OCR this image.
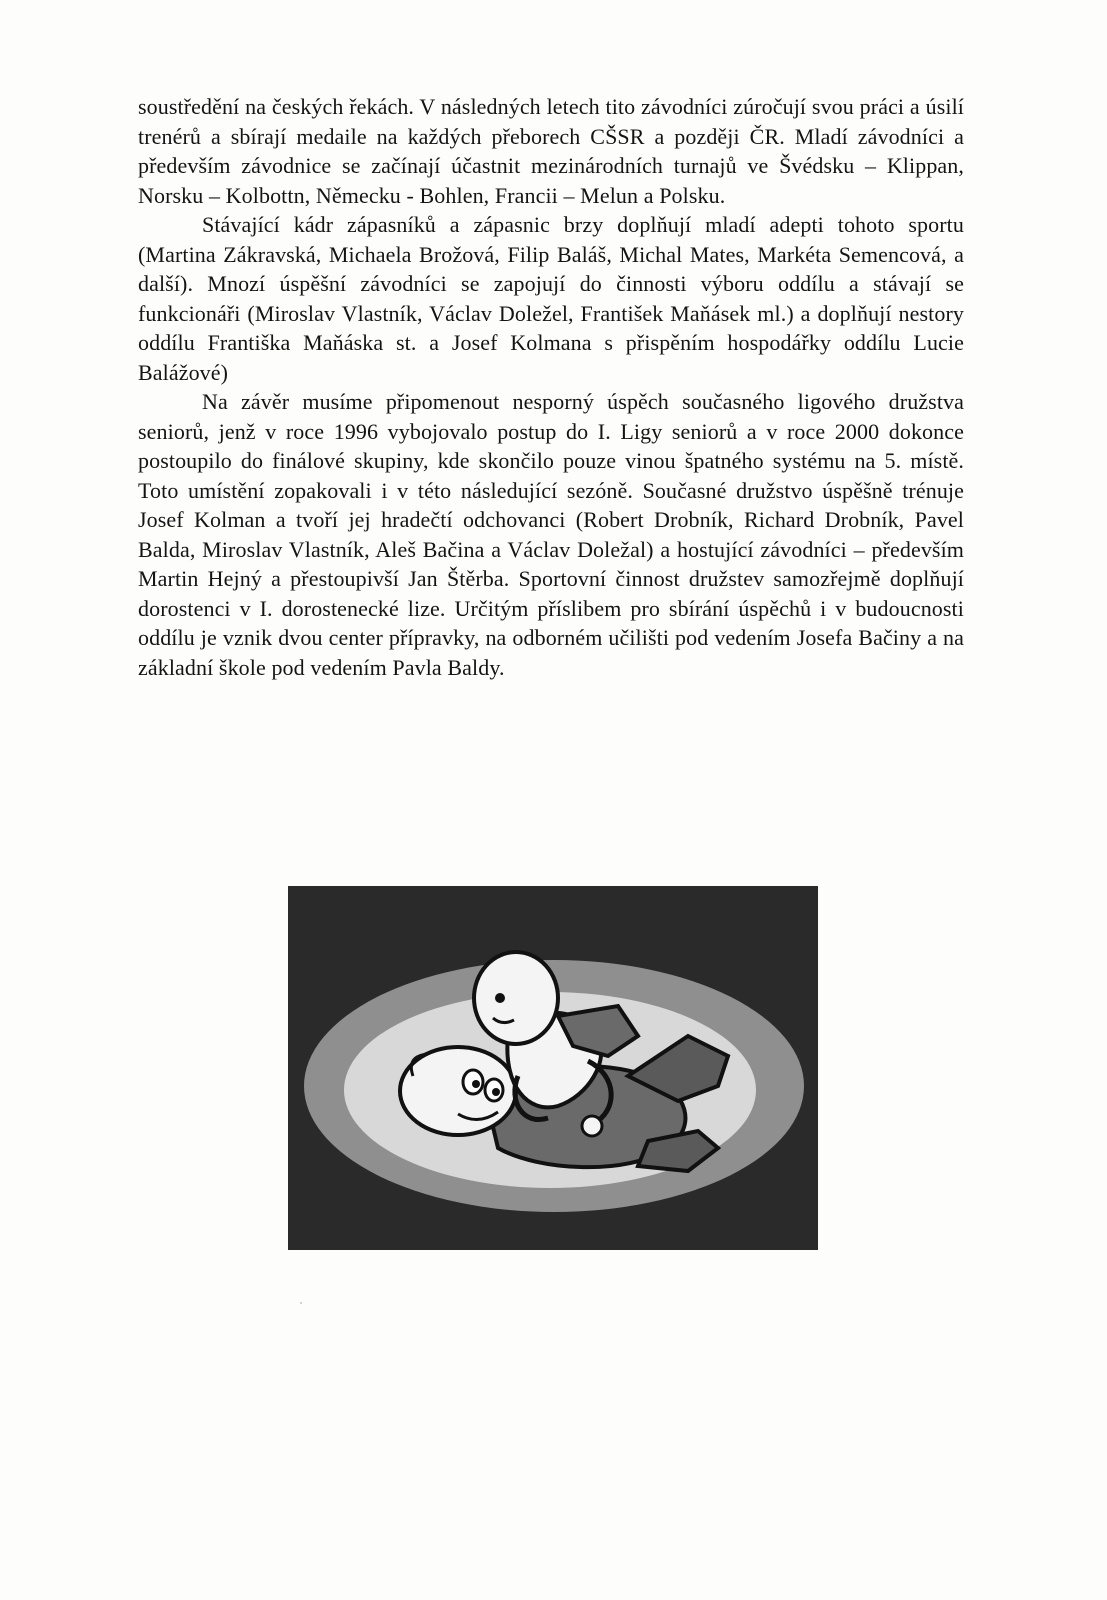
soustředění na českých řekách. V následných letech tito závodníci zúročují svou práci a úsilí trenérů a sbírají medaile na každých přeborech CŠSR a později ČR. Mladí závodníci a především závodnice se začínají účastnit mezinárodních turnajů ve Švédsku – Klippan, Norsku – Kolbottn, Německu - Bohlen, Francii – Melun a Polsku.

Stávající kádr zápasníků a zápasnic brzy doplňují mladí adepti tohoto sportu (Martina Zákravská, Michaela Brožová, Filip Baláš, Michal Mates, Markéta Semencová, a další). Mnozí úspěšní závodníci se zapojují do činnosti výboru oddílu a stávají se funkcionáři (Miroslav Vlastník, Václav Doležel, František Maňásek ml.) a doplňují nestory oddílu Františka Maňáska st. a Josef Kolmana s přispěním hospodářky oddílu Lucie Balážové)

Na závěr musíme připomenout nesporný úspěch současného ligového družstva seniorů, jenž v roce 1996 vybojovalo postup do I. Ligy seniorů a v roce 2000 dokonce postoupilo do finálové skupiny, kde skončilo pouze vinou špatného systému na 5. místě. Toto umístění zopakovali i v této následující sezóně. Současné družstvo úspěšně trénuje Josef Kolman a tvoří jej hradečtí odchovanci (Robert Drobník, Richard Drobník, Pavel Balda, Miroslav Vlastník, Aleš Bačina a Václav Doležal) a hostující závodníci – především Martin Hejný a přestoupivší Jan Štěrba. Sportovní činnost družstev samozřejmě doplňují dorostenci v I. dorostenecké lize. Určitým příslibem pro sbírání úspěchů i v budoucnosti oddílu je vznik dvou center přípravky, na odborném učilišti pod vedením Josefa Bačiny a na základní škole pod vedením Pavla Baldy.
